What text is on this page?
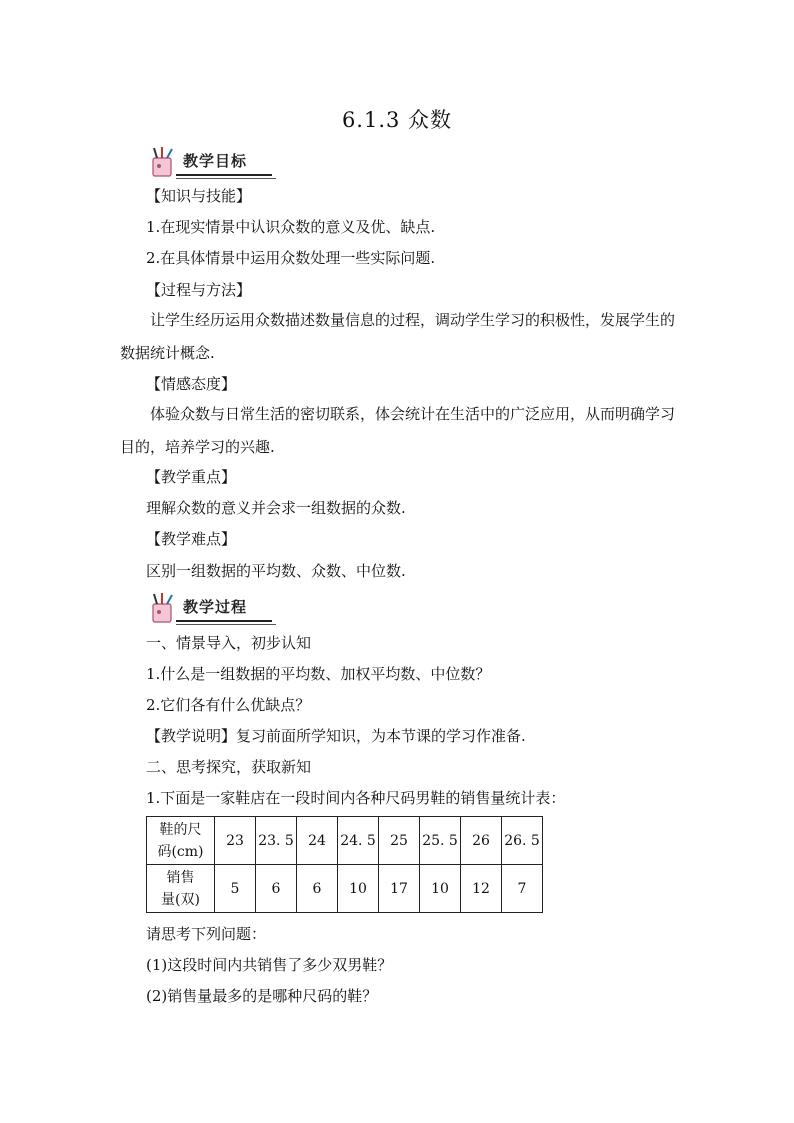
6.1.3 众数
教学目标
【知识与技能】
1.在现实情景中认识众数的意义及优、缺点.
2.在具体情景中运用众数处理一些实际问题.
【过程与方法】
让学生经历运用众数描述数量信息的过程，调动学生学习的积极性，发展学生的数据统计概念.
【情感态度】
体验众数与日常生活的密切联系，体会统计在生活中的广泛应用，从而明确学习目的，培养学习的兴趣.
【教学重点】
理解众数的意义并会求一组数据的众数.
【教学难点】
区别一组数据的平均数、众数、中位数.
教学过程
一、情景导入，初步认知
1.什么是一组数据的平均数、加权平均数、中位数？
2.它们各有什么优缺点？
【教学说明】复习前面所学知识，为本节课的学习作准备.
二、思考探究，获取新知
1.下面是一家鞋店在一段时间内各种尺码男鞋的销售量统计表：
鞋的尺
码(cm)	23	23. 5	24	24. 5	25	25. 5	26	26. 5

销售
量(双)	5	6	6	10	17	10	12	7
请思考下列问题：
(1)这段时间内共销售了多少双男鞋？
(2)销售量最多的是哪种尺码的鞋？
